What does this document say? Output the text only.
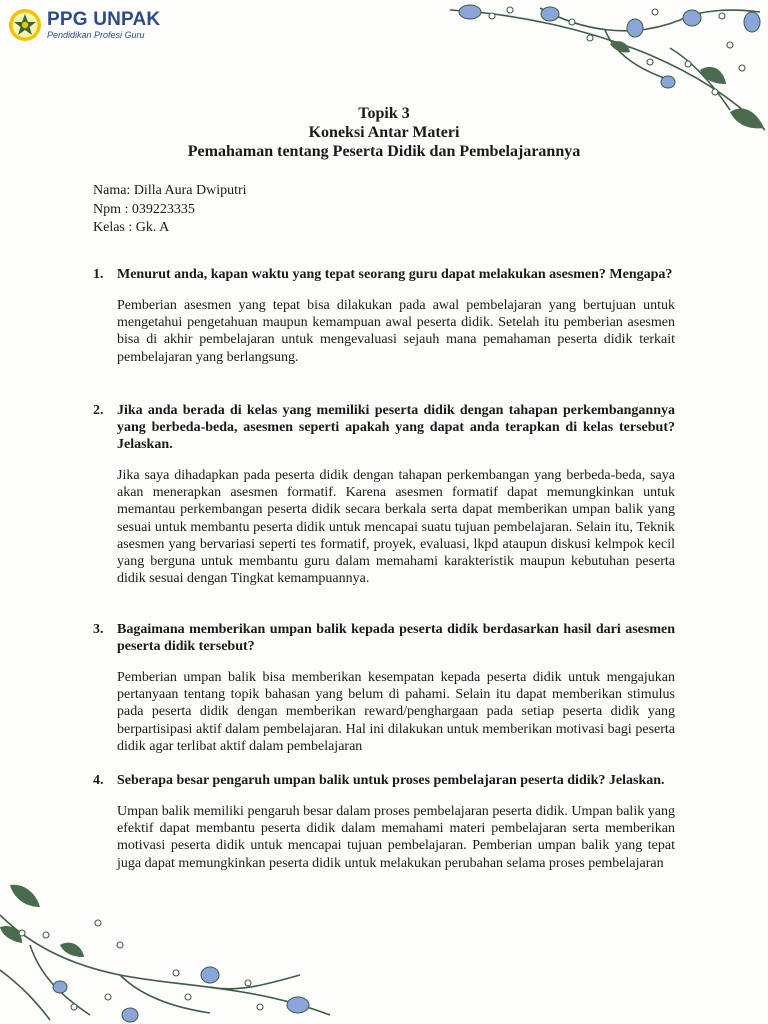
PPG UNPAK
Pendidikan Profesi Guru
Topik 3
Koneksi Antar Materi
Pemahaman tentang Peserta Didik dan Pembelajarannya
Nama: Dilla Aura Dwiputri
Npm : 039223335
Kelas : Gk. A
1. Menurut anda, kapan waktu yang tepat seorang guru dapat melakukan asesmen? Mengapa?
Pemberian asesmen yang tepat bisa dilakukan pada awal pembelajaran yang bertujuan untuk mengetahui pengetahuan maupun kemampuan awal peserta didik. Setelah itu pemberian asesmen bisa di akhir pembelajaran untuk mengevaluasi sejauh mana pemahaman peserta didik terkait pembelajaran yang berlangsung.
2. Jika anda berada di kelas yang memiliki peserta didik dengan tahapan perkembangannya yang berbeda-beda, asesmen seperti apakah yang dapat anda terapkan di kelas tersebut? Jelaskan.
Jika saya dihadapkan pada peserta didik dengan tahapan perkembangan yang berbeda-beda, saya akan menerapkan asesmen formatif. Karena asesmen formatif dapat memungkinkan untuk memantau perkembangan peserta didik secara berkala serta dapat memberikan umpan balik yang sesuai untuk membantu peserta didik untuk mencapai suatu tujuan pembelajaran. Selain itu, Teknik asesmen yang bervariasi seperti tes formatif, proyek, evaluasi, lkpd ataupun diskusi kelmpok kecil yang berguna untuk membantu guru dalam memahami karakteristik maupun kebutuhan peserta didik sesuai dengan Tingkat kemampuannya.
3. Bagaimana memberikan umpan balik kepada peserta didik berdasarkan hasil dari asesmen peserta didik tersebut?
Pemberian umpan balik bisa memberikan kesempatan kepada peserta didik untuk mengajukan pertanyaan tentang topik bahasan yang belum di pahami. Selain itu dapat memberikan stimulus pada peserta didik dengan memberikan reward/penghargaan pada setiap peserta didik yang berpartisipasi aktif dalam pembelajaran. Hal ini dilakukan untuk memberikan motivasi bagi peserta didik agar terlibat aktif dalam pembelajaran
4. Seberapa besar pengaruh umpan balik untuk proses pembelajaran peserta didik? Jelaskan.
Umpan balik memiliki pengaruh besar dalam proses pembelajaran peserta didik. Umpan balik yang efektif dapat membantu peserta didik dalam memahami materi pembelajaran serta memberikan motivasi peserta didik untuk mencapai tujuan pembelajaran. Pemberian umpan balik yang tepat juga dapat memungkinkan peserta didik untuk melakukan perubahan selama proses pembelajaran
